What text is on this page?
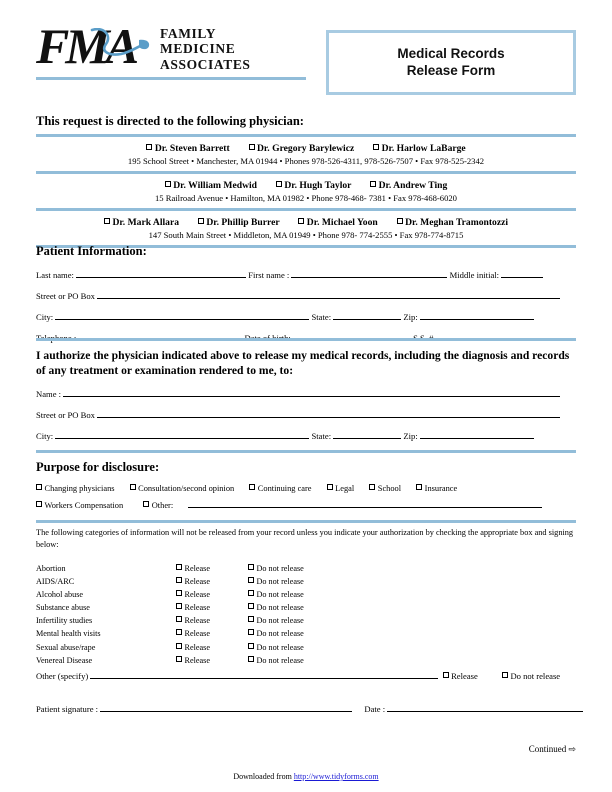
FMA FAMILY
MEDICINE
ASSOCIATES
Medical Records
Release Form
This request is directed to the following physician:
Dr. Steven Barrett	Dr. Gregory Barylewicz	Dr. Harlow LaBarge
195 School Street • Manchester, MA 01944 • Phones 978-526-4311, 978-526-7507 • Fax 978-525-2342
Dr. William Medwid	Dr. Hugh Taylor	Dr. Andrew Ting
15 Railroad Avenue • Hamilton, MA 01982 • Phone 978-468- 7381 • Fax 978-468-6020
Dr. Mark Allara	Dr. Phillip Burrer	Dr. Michael Yoon	Dr. Meghan Tramontozzi
147 South Main Street • Middleton, MA 01949 • Phone 978- 774-2555 • Fax 978-774-8715
Patient Information:
Last name:	First name :	Middle initial:
Street or PO Box
City:	State:	Zip:

I authorize the physician indicated above to release my medical records, including the diagnosis and records of any treatment or examination rendered to me, to:
Name :
Street or PO Box
City:	State:	Zip:
Purpose for disclosure:
Changing physicians	Consultation/second opinion	Continuing care	Legal	School	Insurance
Workers Compensation	Other:
The following categories of information will not be released from your record unless you indicate your authorization by checking the appropriate box and signing below:
Abortion	Release	Do not release
AIDS/ARC	Release	Do not release
Alcohol abuse	Release	Do not release
Substance abuse	Release	Do not release
Infertility studies	Release	Do not release
Mental health visits	Release	Do not release
Sexual abuse/rape	Release	Do not release
Venereal Disease	Release	Do not release
Other (specify)	Release	Do not release
Patient signature :	Date :
Continued ⇨
Downloaded from http://www.tidyforms.com
